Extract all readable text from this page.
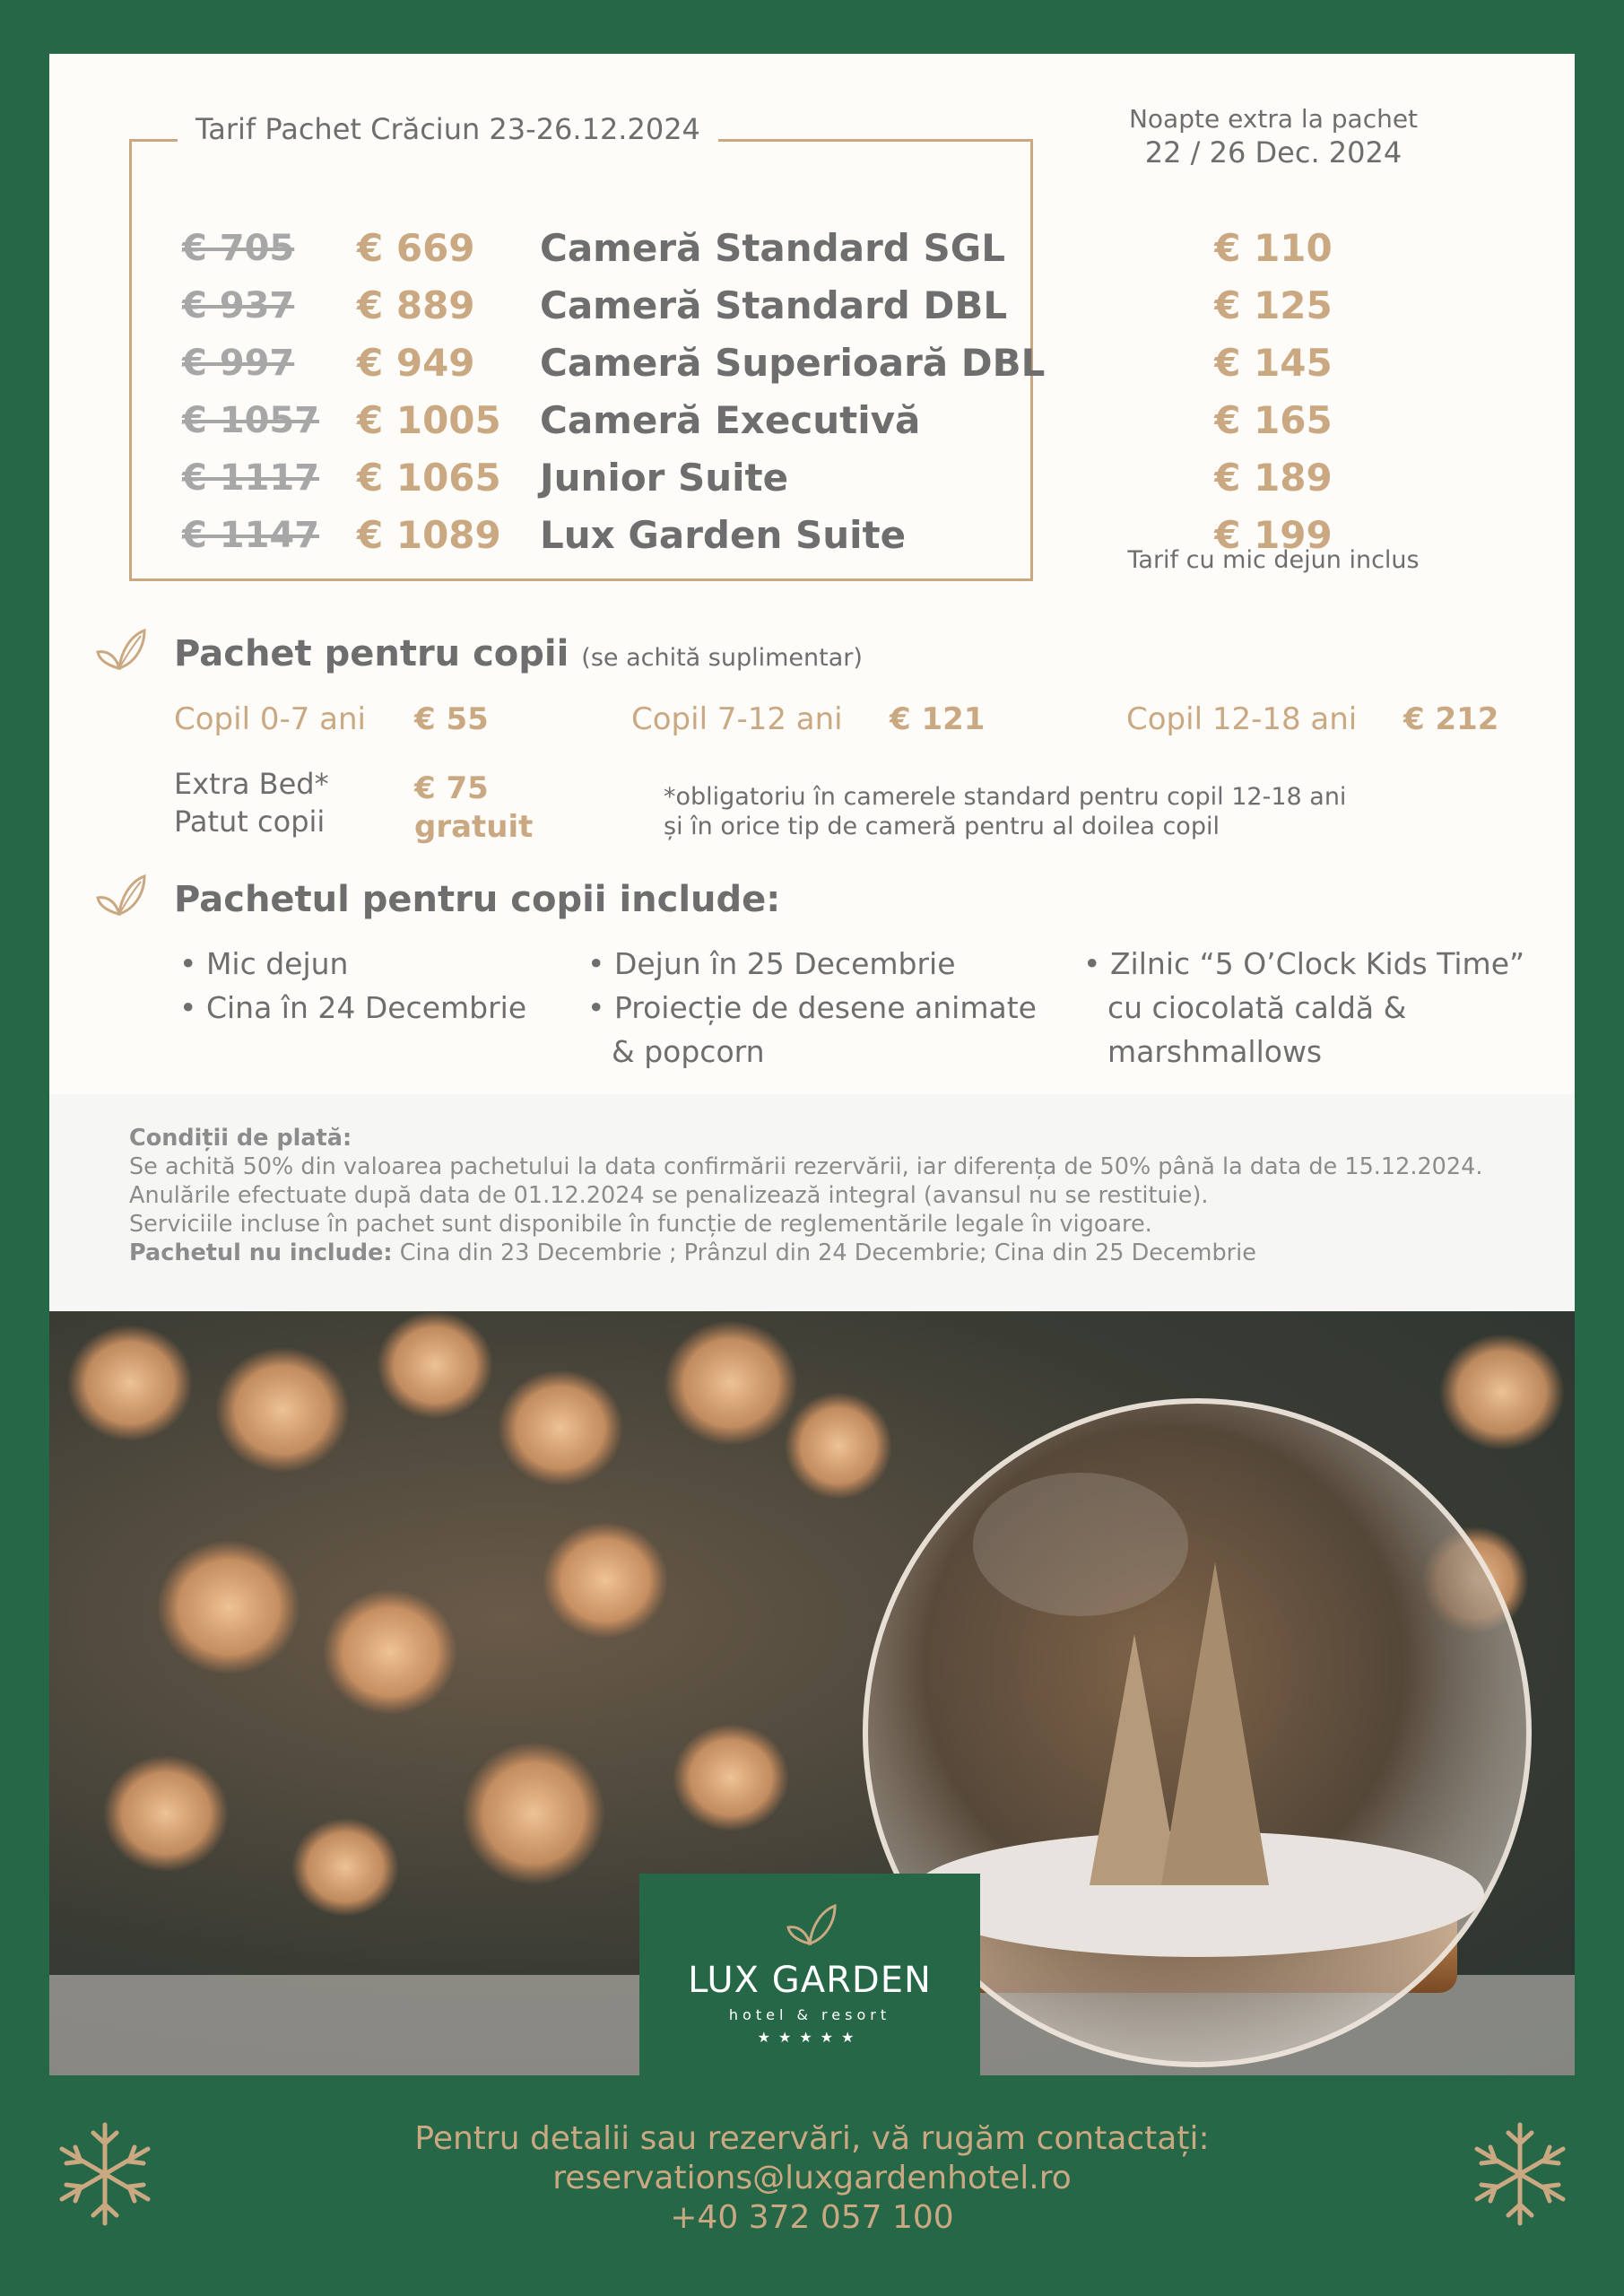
Tarif Pachet Crăciun 23-26.12.2024	Noapte extra la pachet
22 / 26 Dec. 2024
€ 705 € 669 Cameră Standard SGL	€ 110
€ 937 € 889 Cameră Standard DBL	€ 125
€ 997 € 949 Cameră Superioară DBL	€ 145
€ 1057 € 1005 Cameră Executivă	€ 165
€ 1117 € 1065 Junior Suite	€ 189
€ 1147 € 1089 Lux Garden Suite	€ 199
Tarif cu mic dejun inclus
Pachet pentru copii (se achită suplimentar)
Copil 0-7 ani € 55	Copil 7-12 ani € 121	Copil 12-18 ani € 212
Extra Bed*	€ 75
Patut copii	gratuit
*obligatoriu în camerele standard pentru copil 12-18 ani
și în orice tip de cameră pentru al doilea copil
Pachetul pentru copii include:
• Mic dejun
• Cina în 24 Decembrie
• Dejun în 25 Decembrie
• Proiecție de desene animate
& popcorn
• Zilnic “5 O’Clock Kids Time”
cu ciocolată caldă &
marshmallows
Condiții de plată:
Se achită 50% din valoarea pachetului la data confirmării rezervării, iar diferența de 50% până la data de 15.12.2024.
Anulările efectuate după data de 01.12.2024 se penalizează integral (avansul nu se restituie).
Serviciile incluse în pachet sunt disponibile în funcție de reglementările legale în vigoare.
Pachetul nu include: Cina din 23 Decembrie ; Prânzul din 24 Decembrie; Cina din 25 Decembrie
LUX GARDEN
hotel & resort
★★★★★
Pentru detalii sau rezervări, vă rugăm contactați:
reservations@luxgardenhotel.ro
+40 372 057 100
